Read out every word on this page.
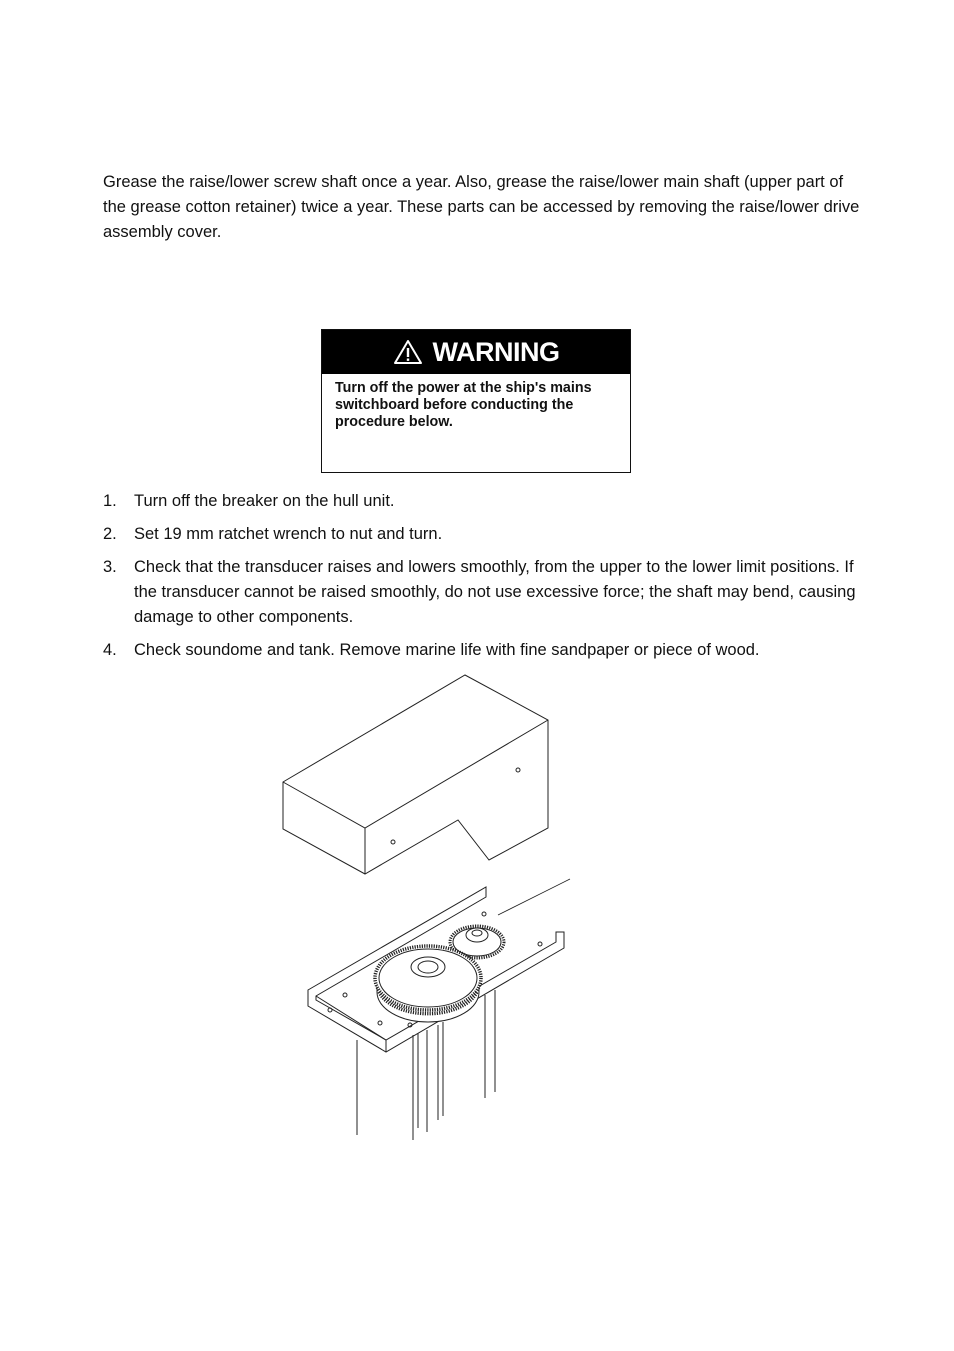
Grease the raise/lower screw shaft once a year. Also, grease the raise/lower main shaft (upper part of the grease cotton retainer) twice a year. These parts can be accessed by removing the raise/lower drive assembly cover.

WARNING
Turn off the power at the ship's mains switchboard before conducting the procedure below.
1.	Turn off the breaker on the hull unit.
2.	Set 19 mm ratchet wrench to nut and turn.
3.	Check that the transducer raises and lowers smoothly, from the upper to the lower limit positions. If the transducer cannot be raised smoothly, do not use excessive force; the shaft may bend, causing damage to other components.
4.	Check soundome and tank. Remove marine life with fine sandpaper or piece of wood.
